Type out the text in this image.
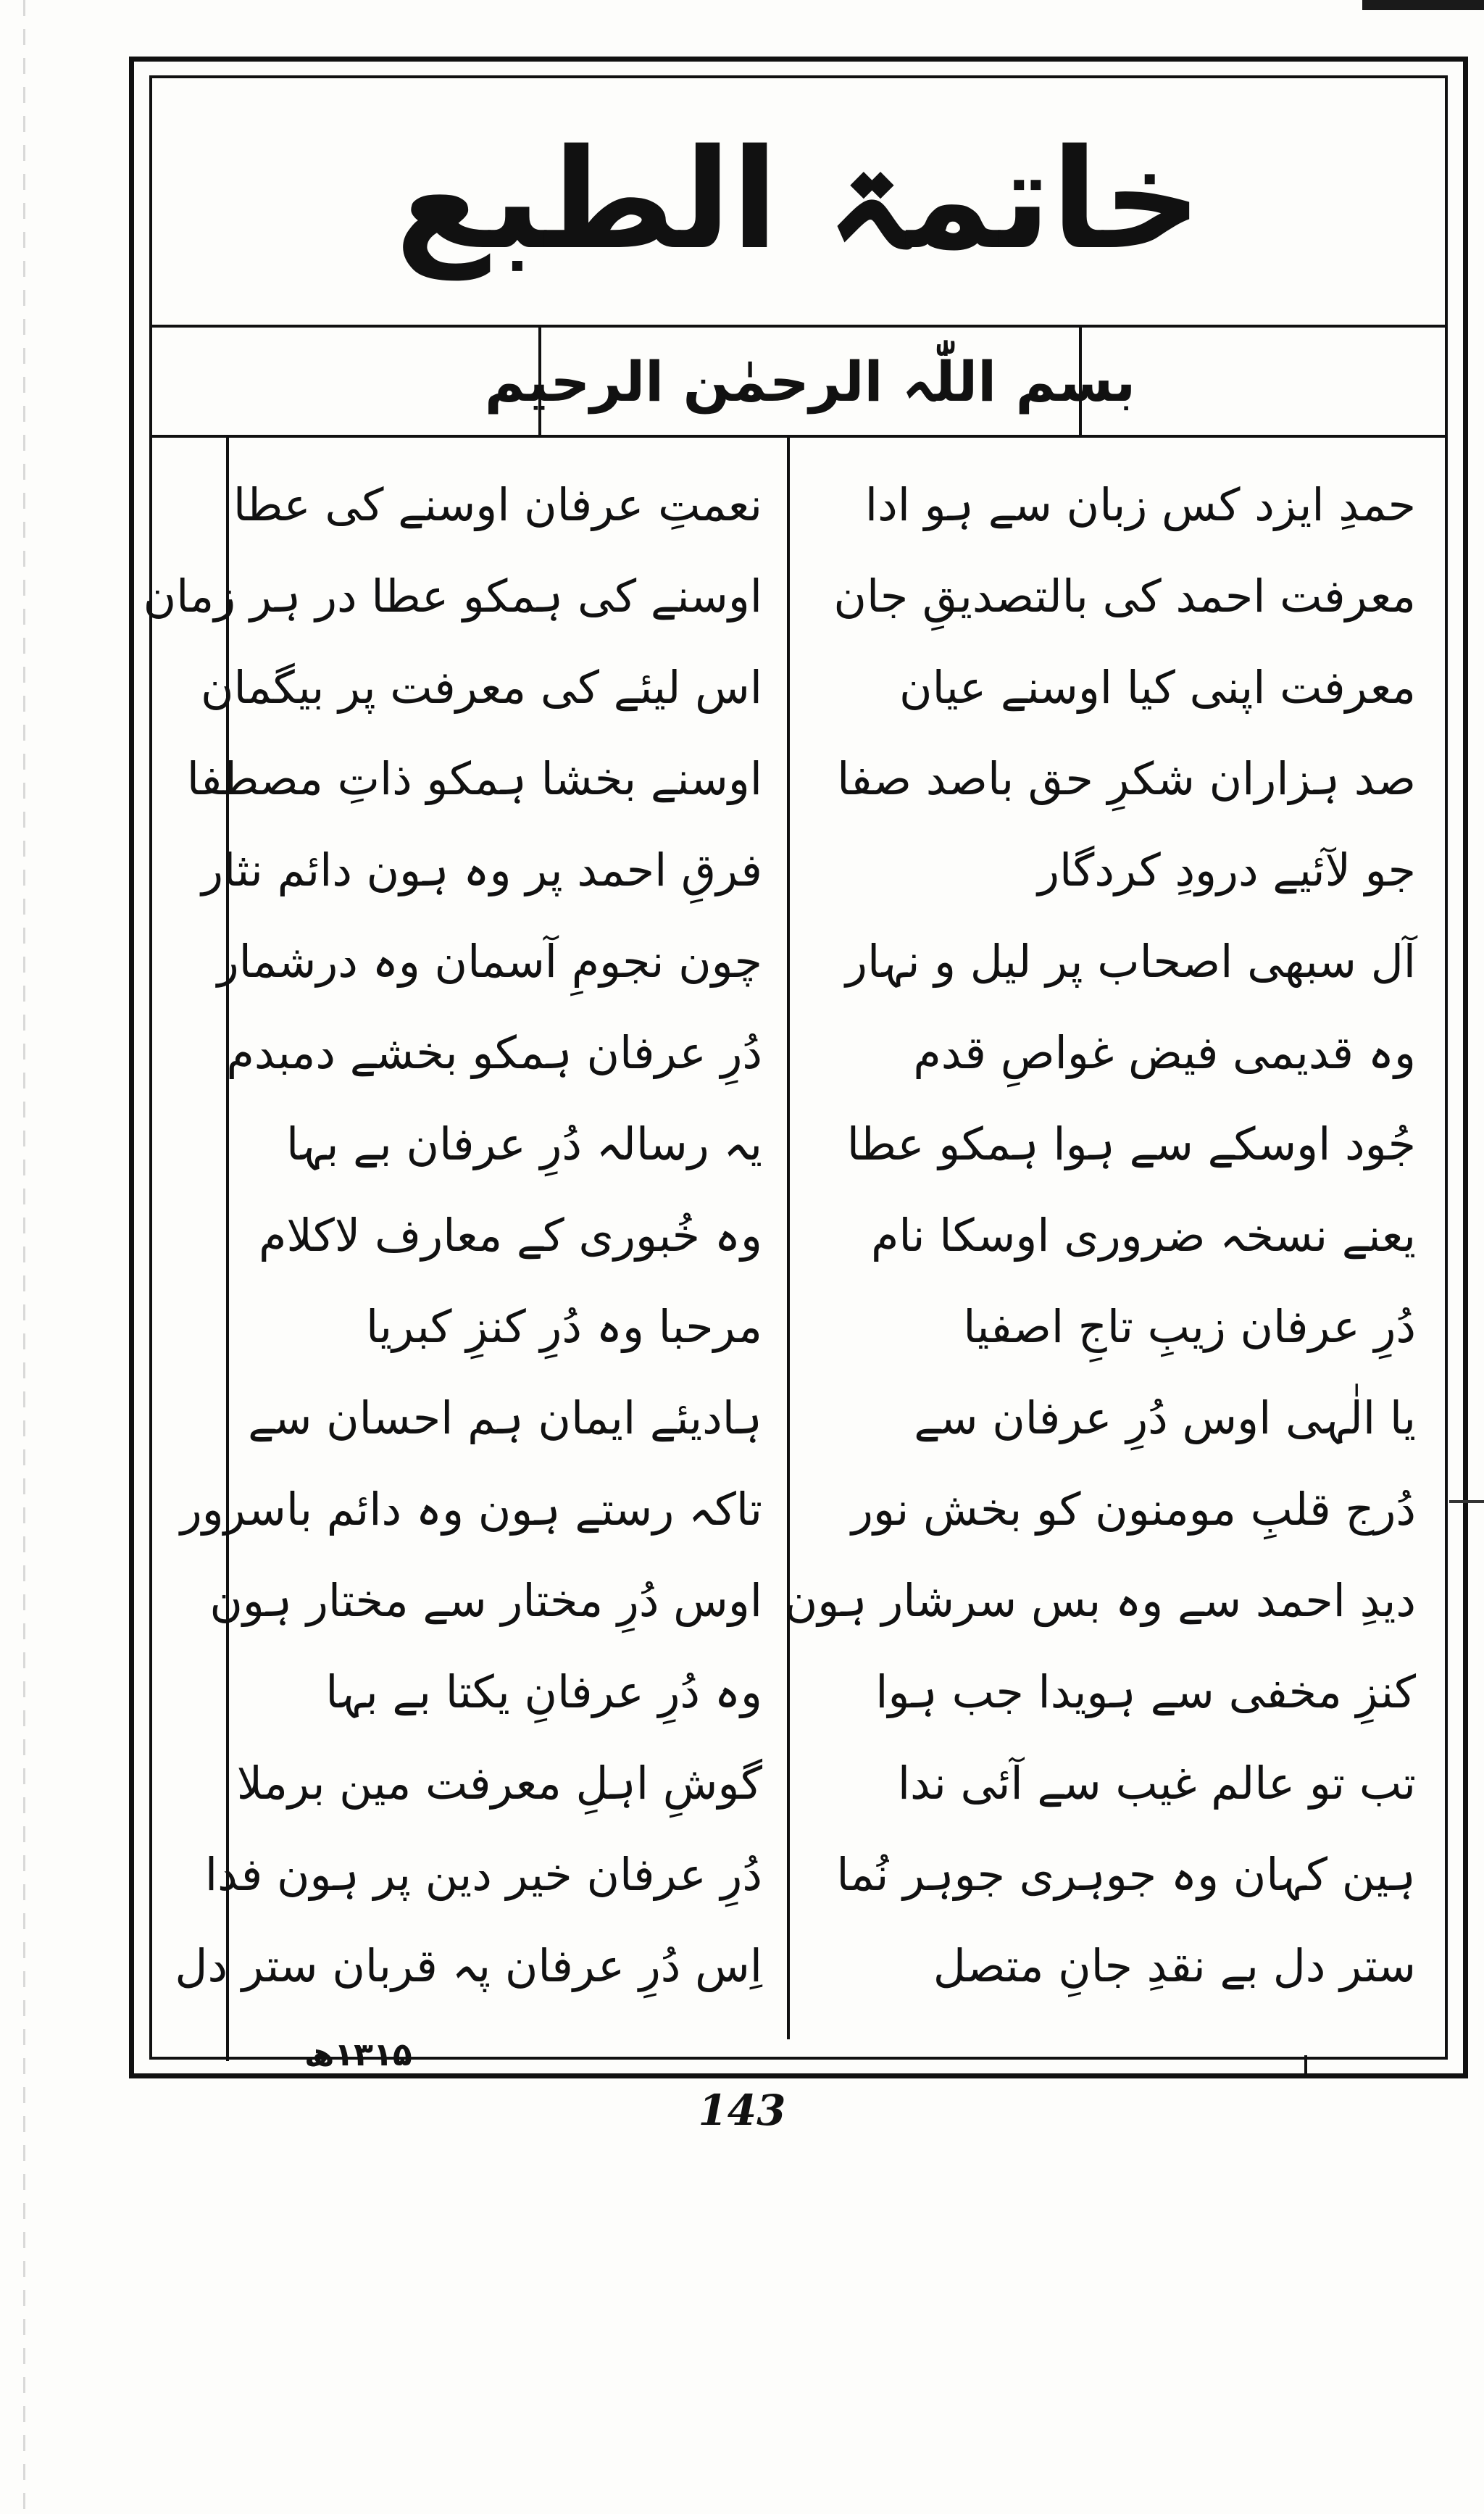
خاتمۃ الطبع
بسم اللّٰہ الرحمٰن الرحیم
حمدِ ایزد کس زبان سے ہو ادا
معرفت احمد کی بالتصدیقِ جان
معرفت اپنی کیا اوسنے عیان
صد ہزاران شکرِ حق باصد صفا
جو لآئیے درودِ کردگار
آل سبھی اصحاب پر لیل و نہار
وہ قدیمی فیض غواصِ قدم
جُود اوسکے سے ہوا ہمکو عطا
یعنے نسخہ ضروری اوسکا نام
دُرِ عرفان زیبِ تاجِ اصفیا
یا الٰہی اوس دُرِ عرفان سے
دُرج قلبِ مومنون کو بخش نور
دیدِ احمد سے وہ بس سرشار ہون
کنزِ مخفی سے ہویدا جب ہوا
تب تو عالم غیب سے آئی ندا
ہین کہان وہ جوہری جوہر نُما
ستر دل بے نقدِ جانِ متصل
نعمتِ عرفان اوسنے کی عطا
اوسنے کی ہمکو عطا در ہر زمان
اس لیئے کی معرفت پر بیگمان
اوسنے بخشا ہمکو ذاتِ مصطفا
فرقِ احمد پر وہ ہون دائم نثار
چون نجومِ آسمان وہ درشمار
دُرِ عرفان ہمکو بخشے دمبدم
یہ رسالہ دُرِ عرفان بے بہا
وہ خُبوری کے معارف لاکلام
مرحبا وہ دُرِ کنزِ کبریا
ہادیئے ایمان ہم احسان سے
تاکہ رستے ہون وہ دائم باسرور
اوس دُرِ مختار سے مختار ہون
وہ دُرِ عرفانِ یکتا بے بہا
گوشِ اہلِ معرفت مین برملا
دُرِ عرفان خیر دین پر ہون فدا
اِس دُرِ عرفان پہ قربان ستر دل
۱۳۱۵ھ
143
